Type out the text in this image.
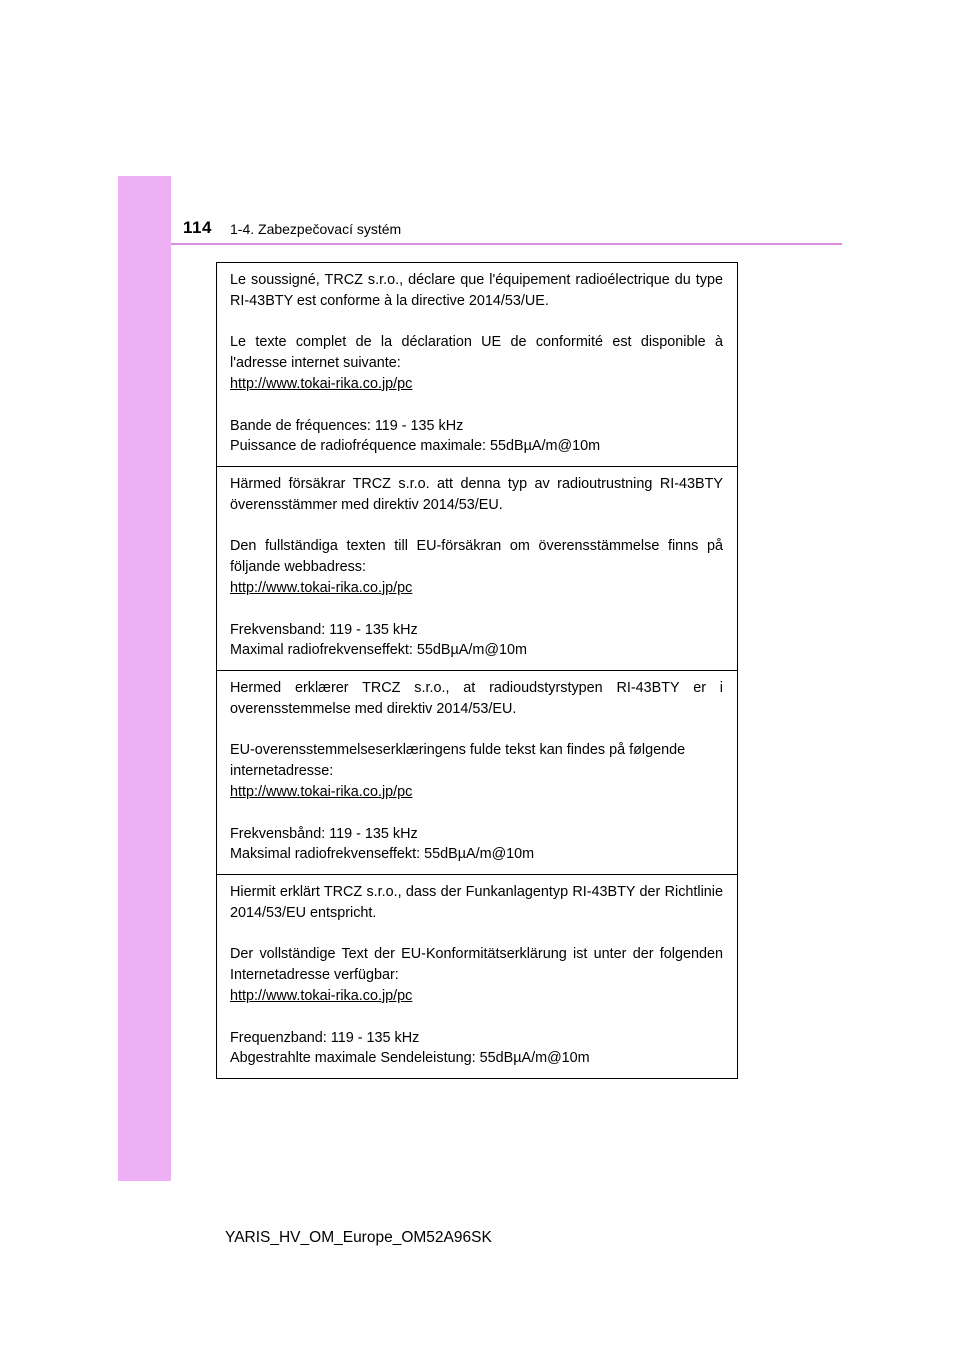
114 1-4. Zabezpečovací systém

Le soussigné, TRCZ s.r.o., déclare que l'équipement radioélectrique du type RI-43BTY est conforme à la directive 2014/53/UE.

Le texte complet de la déclaration UE de conformité est disponible à l'adresse internet suivante:

http://www.tokai-rika.co.jp/pc

Bande de fréquences: 119 - 135 kHz

Puissance de radiofréquence maximale: 55dBµA/m@10m

Härmed försäkrar TRCZ s.r.o. att denna typ av radioutrustning RI-43BTY överensstämmer med direktiv 2014/53/EU.

Den fullständiga texten till EU-försäkran om överensstämmelse finns på följande webbadress:

http://www.tokai-rika.co.jp/pc

Frekvensband: 119 - 135 kHz

Maximal radiofrekvenseffekt: 55dBµA/m@10m

Hermed erklærer TRCZ s.r.o., at radioudstyrstypen RI-43BTY er i overensstemmelse med direktiv 2014/53/EU.

EU-overensstemmelseserklæringens fulde tekst kan findes på følgende internetadresse:

http://www.tokai-rika.co.jp/pc

Frekvensbånd: 119 - 135 kHz

Maksimal radiofrekvenseffekt: 55dBµA/m@10m

Hiermit erklärt TRCZ s.r.o., dass der Funkanlagentyp RI-43BTY der Richtlinie 2014/53/EU entspricht.

Der vollständige Text der EU-Konformitätserklärung ist unter der folgenden Internetadresse verfügbar:

http://www.tokai-rika.co.jp/pc

Frequenzband: 119 - 135 kHz

Abgestrahlte maximale Sendeleistung: 55dBµA/m@10m

YARIS_HV_OM_Europe_OM52A96SK
